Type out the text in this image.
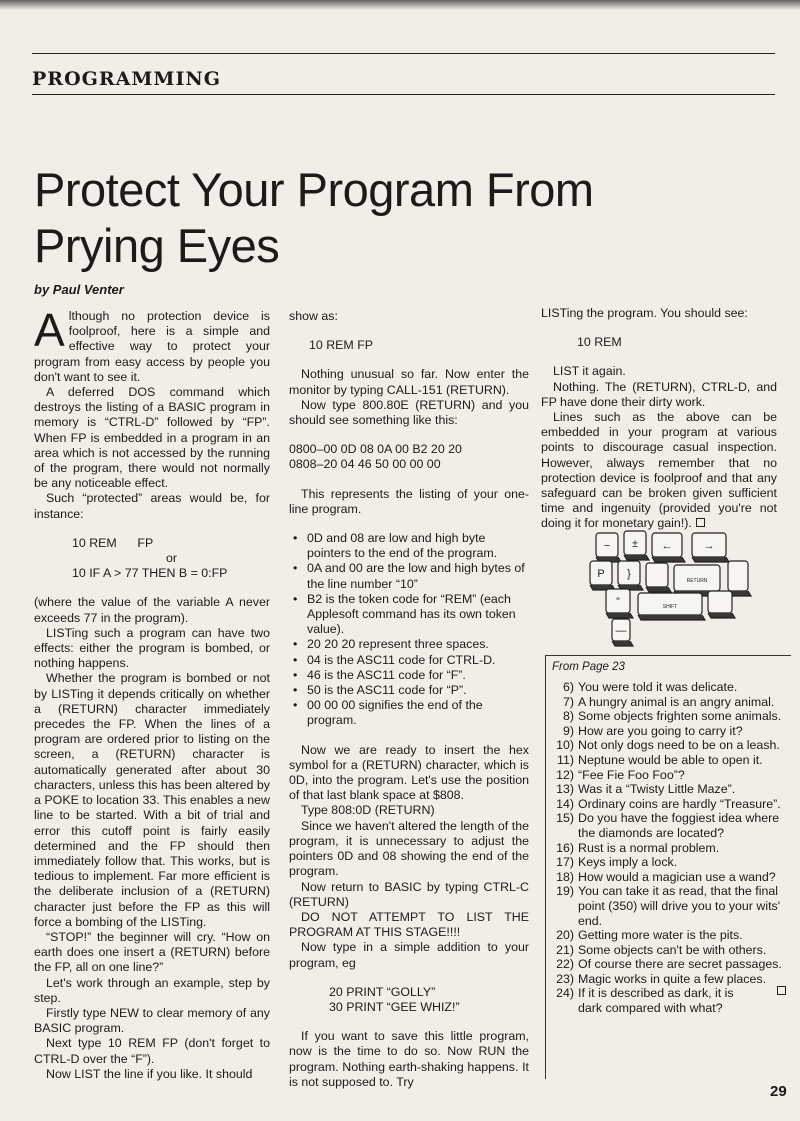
PROGRAMMING
Protect Your Program From
Prying Eyes
by Paul Venter

Although no protection device is foolproof, here is a simple and effective way to protect your program from easy access by people you don't want to see it.

A deferred DOS command which destroys the listing of a BASIC program in memory is “CTRL-D” followed by “FP”. When FP is embedded in a program in an area which is not accessed by the running of the program, there would not normally be any noticeable effect.

Such “protected” areas would be, for instance:

10 REM      FP

or

10 IF A > 77 THEN B = 0:FP

(where the value of the variable A never exceeds 77 in the program).

LISTing such a program can have two effects: either the program is bombed, or nothing happens.

Whether the program is bombed or not by LISTing it depends critically on whether a (RETURN) character immediately precedes the FP. When the lines of a program are ordered prior to listing on the screen, a (RETURN) character is automatically generated after about 30 characters, unless this has been altered by a POKE to location 33. This enables a new line to be started. With a bit of trial and error this cutoff point is fairly easily determined and the FP should then immediately follow that. This works, but is tedious to implement. Far more efficient is the deliberate inclusion of a (RETURN) character just before the FP as this will force a bombing of the LISTing.

“STOP!” the beginner will cry. “How on earth does one insert a (RETURN) before the FP, all on one line?”

Let's work through an example, step by step.

Firstly type NEW to clear memory of any BASIC program.

Next type 10 REM FP (don't forget to CTRL-D over the “F”).

Now LIST the line if you like. It should

show as:

10 REM FP

Nothing unusual so far. Now enter the monitor by typing CALL-151 (RETURN).

Now type 800.80E (RETURN) and you should see something like this:

0800–00 0D 08 0A 00 B2 20 20

0808–20 04 46 50 00 00 00

This represents the listing of your one-line program.

• 0D and 08 are low and high byte pointers to the end of the program.
• 0A and 00 are the low and high bytes of the line number “10”
• B2 is the token code for “REM” (each Applesoft command has its own token value).
• 20 20 20 represent three spaces.
• 04 is the ASC11 code for CTRL-D.
• 46 is the ASC11 code for “F”.
• 50 is the ASC11 code for “P”.
• 00 00 00 signifies the end of the program.

Now we are ready to insert the hex symbol for a (RETURN) character, which is 0D, into the program. Let's use the position of that last blank space at $808.

Type 808:0D (RETURN)

Since we haven't altered the length of the program, it is unnecessary to adjust the pointers 0D and 08 showing the end of the program.

Now return to BASIC by typing CTRL-C (RETURN)

DO NOT ATTEMPT TO LIST THE PROGRAM AT THIS STAGE!!!!

Now type in a simple addition to your program, eg

20 PRINT “GOLLY”

30 PRINT “GEE WHIZ!”

If you want to save this little program, now is the time to do so. Now RUN the program. Nothing earth-shaking happens. It is not supposed to. Try

LISTing the program. You should see:

10 REM

LIST it again.

Nothing. The (RETURN), CTRL-D, and FP have done their dirty work.

Lines such as the above can be embedded in your program at various points to discourage casual inspection. However, always remember that no protection device is foolproof and that any safeguard can be broken given sufficient time and ingenuity (provided you're not doing it for monetary gain!).

− ± ←	→
P }
RETURN
”	SHIFT
—
From Page 23
6) You were told it was delicate.
7) A hungry animal is an angry animal.
8) Some objects frighten some animals.
9) How are you going to carry it?
10) Not only dogs need to be on a leash.
11) Neptune would be able to open it.
12) “Fee Fie Foo Foo”?
13) Was it a “Twisty Little Maze”.
14) Ordinary coins are hardly “Treasure”.
15) Do you have the foggiest idea where the diamonds are located?
16) Rust is a normal problem.
17) Keys imply a lock.
18) How would a magician use a wand?
19) You can take it as read, that the final point (350) will drive you to your wits' end.
20) Getting more water is the pits.
21) Some objects can't be with others.
22) Of course there are secret passages.
23) Magic works in quite a few places.
24) If it is described as dark, it is dark compared with what?
29
